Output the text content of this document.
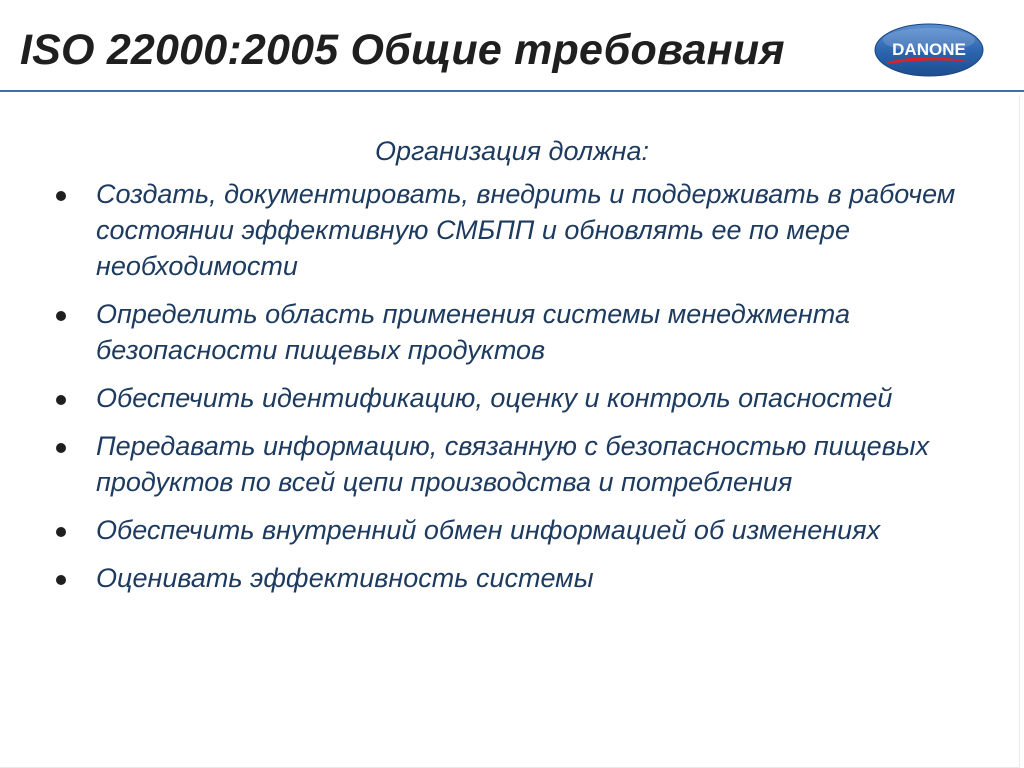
ISO 22000:2005 Общие требования	DANONE
Организация должна:
Создать, документировать, внедрить и поддерживать в рабочем состоянии эффективную СМБПП и обновлять ее по мере необходимости
Определить область применения системы менеджмента безопасности пищевых продуктов
Обеспечить идентификацию, оценку и контроль опасностей
Передавать информацию, связанную с безопасностью пищевых продуктов по всей цепи производства и потребления
Обеспечить внутренний обмен информацией об изменениях
Оценивать эффективность системы
